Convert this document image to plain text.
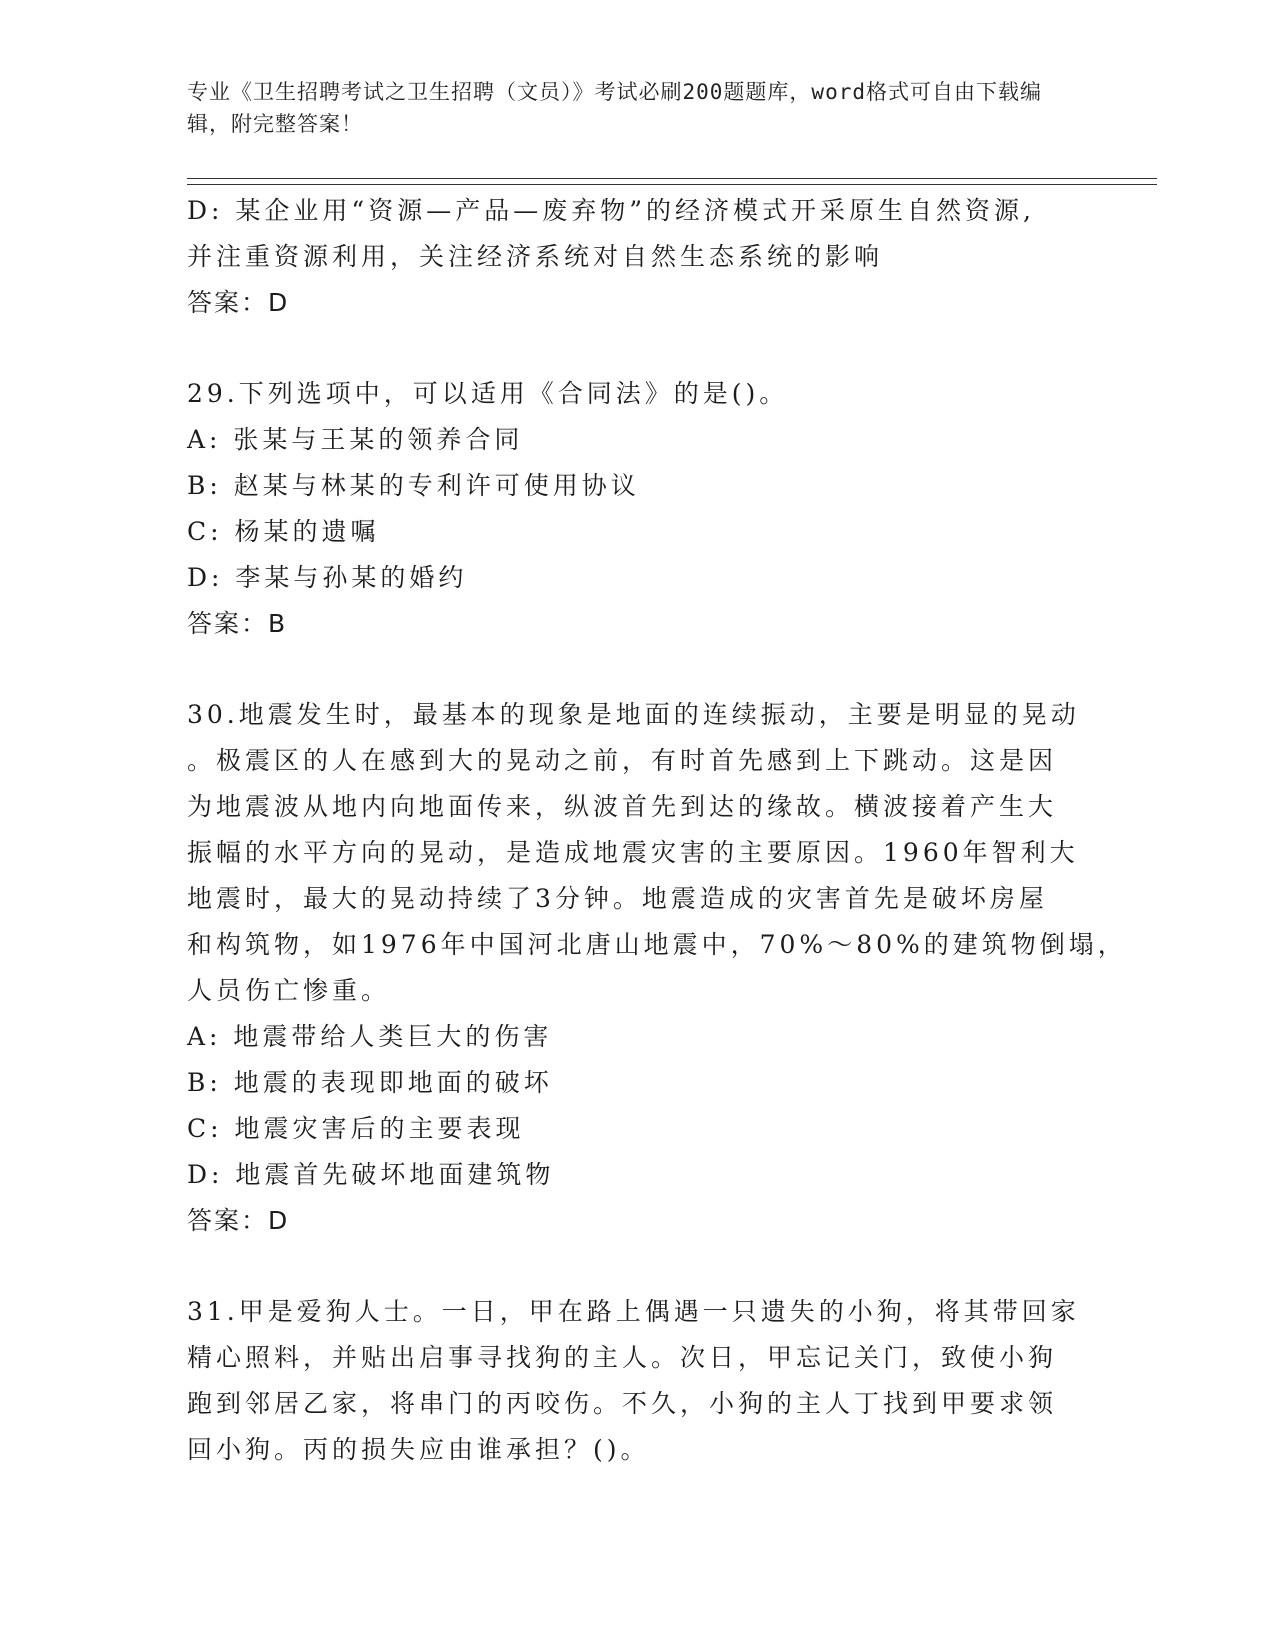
专业《卫生招聘考试之卫生招聘（文员）》考试必刷200题题库，word格式可自由下载编辑，附完整答案！
D: 某企业用“资源—产品—废弃物”的经济模式开采原生自然资源,
并注重资源利用，关注经济系统对自然生态系统的影响
答案：D
29.下列选项中，可以适用《合同法》的是()。
A: 张某与王某的领养合同
B: 赵某与林某的专利许可使用协议
C: 杨某的遗嘱
D: 李某与孙某的婚约
答案：B
30.地震发生时，最基本的现象是地面的连续振动，主要是明显的晃动
。极震区的人在感到大的晃动之前，有时首先感到上下跳动。这是因
为地震波从地内向地面传来，纵波首先到达的缘故。横波接着产生大
振幅的水平方向的晃动，是造成地震灾害的主要原因。1960年智利大
地震时，最大的晃动持续了3分钟。地震造成的灾害首先是破坏房屋
和构筑物，如1976年中国河北唐山地震中，70%～80%的建筑物倒塌，
人员伤亡惨重。
A: 地震带给人类巨大的伤害
B: 地震的表现即地面的破坏
C: 地震灾害后的主要表现
D: 地震首先破坏地面建筑物
答案：D
31.甲是爱狗人士。一日，甲在路上偶遇一只遗失的小狗，将其带回家
精心照料，并贴出启事寻找狗的主人。次日，甲忘记关门，致使小狗
跑到邻居乙家，将串门的丙咬伤。不久，小狗的主人丁找到甲要求领
回小狗。丙的损失应由谁承担？()。
